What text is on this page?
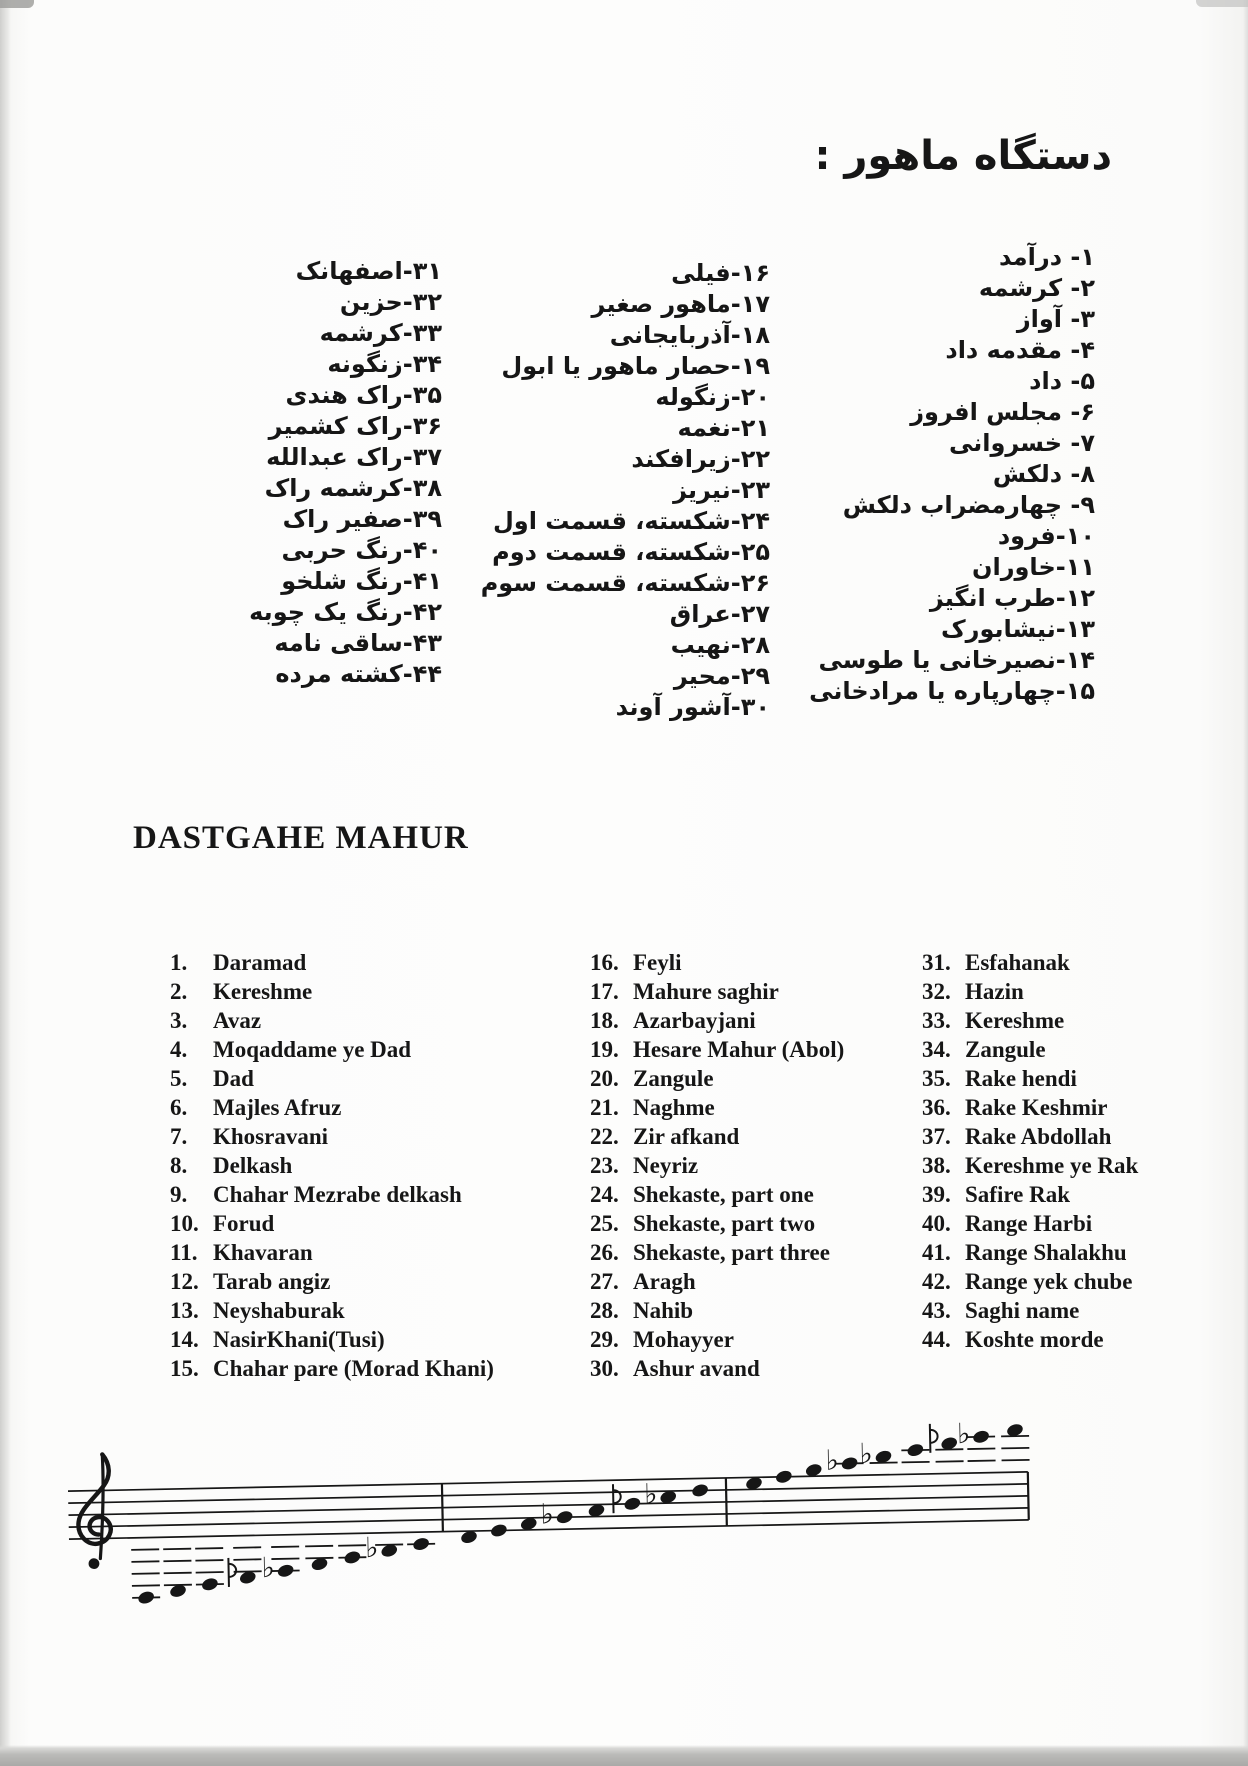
دستگاه ماهور :
۱- درآمد
۲- کرشمه
۳- آواز
۴- مقدمه داد
۵- داد
۶- مجلس افروز
۷- خسروانی
۸- دلکش
۹- چهارمضراب دلکش
۱۰-فرود
۱۱-خاوران
۱۲-طرب انگیز
۱۳-نیشابورک
۱۴-نصیرخانی یا طوسی
۱۵-چهارپاره یا مرادخانی
۱۶-فیلی
۱۷-ماهور صغیر
۱۸-آذربایجانی
۱۹-حصار ماهور یا ابول
۲۰-زنگوله
۲۱-نغمه
۲۲-زیرافکند
۲۳-نیریز
۲۴-شکسته، قسمت اول
۲۵-شکسته، قسمت دوم
۲۶-شکسته، قسمت سوم
۲۷-عراق
۲۸-نهیب
۲۹-محیر
۳۰-آشور آوند
۳۱-اصفهانک
۳۲-حزین
۳۳-کرشمه
۳۴-زنگونه
۳۵-راک هندی
۳۶-راک کشمیر
۳۷-راک عبدالله
۳۸-کرشمه راک
۳۹-صفیر راک
۴۰-رنگ حربی
۴۱-رنگ شلخو
۴۲-رنگ یک چوبه
۴۳-ساقی نامه
۴۴-کشته مرده
DASTGAHE MAHUR
1.	Daramad
2.	Kereshme
3.	Avaz
4.	Moqaddame ye Dad
5.	Dad
6.	Majles Afruz
7.	Khosravani
8.	Delkash
9.	Chahar Mezrabe delkash
10. Forud
11. Khavaran
12. Tarab angiz
13. Neyshaburak
14. NasirKhani(Tusi)
15. Chahar pare (Morad Khani)
16. Feyli
17. Mahure saghir
18. Azarbayjani
19. Hesare Mahur (Abol)
20. Zangule
21. Naghme
22. Zir afkand
23. Neyriz
24. Shekaste, part one
25. Shekaste, part two
26. Shekaste, part three
27. Aragh
28. Nahib
29. Mohayyer
30. Ashur avand
31. Esfahanak
32. Hazin
33. Kereshme
34. Zangule
35. Rake hendi
36. Rake Keshmir
37. Rake Abdollah
38. Kereshme ye Rak
39. Safire Rak
40. Range Harbi
41. Range Shalakhu
42. Range yek chube
43. Saghi name
44. Koshte morde
♭
♭
♭
♭
♭ ♭
♭
